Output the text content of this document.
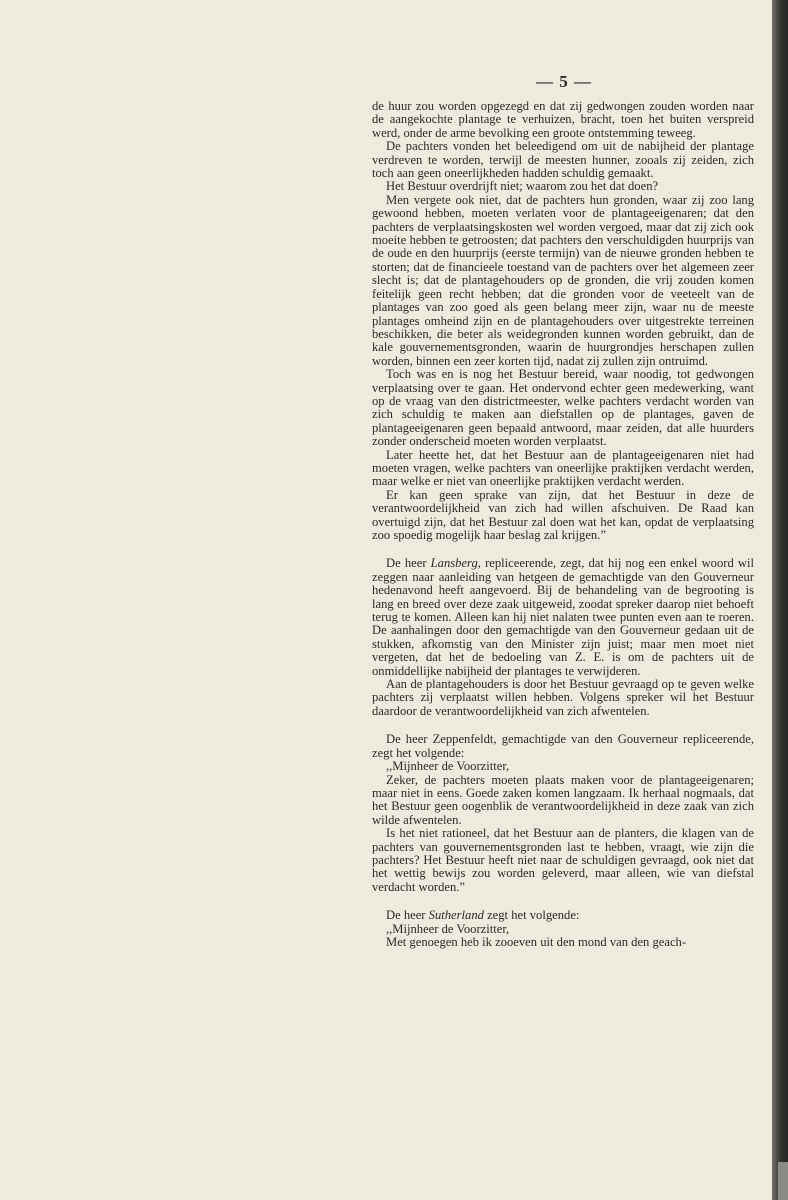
— 5 —

de huur zou worden opgezegd en dat zij gedwongen zouden worden naar de aangekochte plantage te verhuizen, bracht, toen het buiten verspreid werd, onder de arme bevolking een groote ontstemming teweeg.

De pachters vonden het beleedigend om uit de nabijheid der plantage verdreven te worden, terwijl de meesten hunner, zooals zij zeiden, zich toch aan geen oneerlijkheden hadden schuldig gemaakt.

Het Bestuur overdrijft niet; waarom zou het dat doen?

Men vergete ook niet, dat de pachters hun gronden, waar zij zoo lang gewoond hebben, moeten verlaten voor de plantageeigenaren; dat den pachters de verplaatsingskosten wel worden vergoed, maar dat zij zich ook moeite hebben te getroosten; dat pachters den verschuldigden huurprijs van de oude en den huurprijs (eerste termijn) van de nieuwe gronden hebben te storten; dat de financieele toestand van de pachters over het algemeen zeer slecht is; dat de plantagehouders op de gronden, die vrij zouden komen feitelijk geen recht hebben; dat die gronden voor de veeteelt van de plantages van zoo goed als geen belang meer zijn, waar nu de meeste plantages omheind zijn en de plantagehouders over uitgestrekte terreinen beschikken, die beter als weidegronden kunnen worden gebruikt, dan de kale gouvernementsgronden, waarin de huurgrondjes herschapen zullen worden, binnen een zeer korten tijd, nadat zij zullen zijn ontruimd.

Toch was en is nog het Bestuur bereid, waar noodig, tot gedwongen verplaatsing over te gaan. Het ondervond echter geen medewerking, want op de vraag van den districtmeester, welke pachters verdacht worden van zich schuldig te maken aan diefstallen op de plantages, gaven de plantageeigenaren geen bepaald antwoord, maar zeiden, dat alle huurders zonder onderscheid moeten worden verplaatst.

Later heette het, dat het Bestuur aan de plantageeigenaren niet had moeten vragen, welke pachters van oneerlijke praktijken verdacht werden, maar welke er niet van oneerlijke praktijken verdacht werden.

Er kan geen sprake van zijn, dat het Bestuur in deze de verantwoordelijkheid van zich had willen afschuiven. De Raad kan overtuigd zijn, dat het Bestuur zal doen wat het kan, opdat de verplaatsing zoo spoedig mogelijk haar beslag zal krijgen.”

De heer Lansberg, repliceerende, zegt, dat hij nog een enkel woord wil zeggen naar aanleiding van hetgeen de gemachtigde van den Gouverneur hedenavond heeft aangevoerd. Bij de behandeling van de begrooting is lang en breed over deze zaak uitgeweid, zoodat spreker daarop niet behoeft terug te komen. Alleen kan hij niet nalaten twee punten even aan te roeren. De aanhalingen door den gemachtigde van den Gouverneur gedaan uit de stukken, afkomstig van den Minister zijn juist; maar men moet niet vergeten, dat het de bedoeling van Z. E. is om de pachters uit de onmiddellijke nabijheid der plantages te verwijderen.

Aan de plantagehouders is door het Bestuur gevraagd op te geven welke pachters zij verplaatst willen hebben. Volgens spreker wil het Bestuur daardoor de verantwoordelijkheid van zich afwentelen.

De heer Zeppenfeldt, gemachtigde van den Gouverneur repliceerende, zegt het volgende:

,,Mijnheer de Voorzitter,

Zeker, de pachters moeten plaats maken voor de plantageeigenaren; maar niet in eens. Goede zaken komen langzaam. Ik herhaal nogmaals, dat het Bestuur geen oogenblik de verantwoordelijkheid in deze zaak van zich wilde afwentelen.

Is het niet rationeel, dat het Bestuur aan de planters, die klagen van de pachters van gouvernementsgronden last te hebben, vraagt, wie zijn die pachters? Het Bestuur heeft niet naar de schuldigen gevraagd, ook niet dat het wettig bewijs zou worden geleverd, maar alleen, wie van diefstal verdacht worden.”

De heer Sutherland zegt het volgende:

,,Mijnheer de Voorzitter,

Met genoegen heb ik zooeven uit den mond van den geach-
